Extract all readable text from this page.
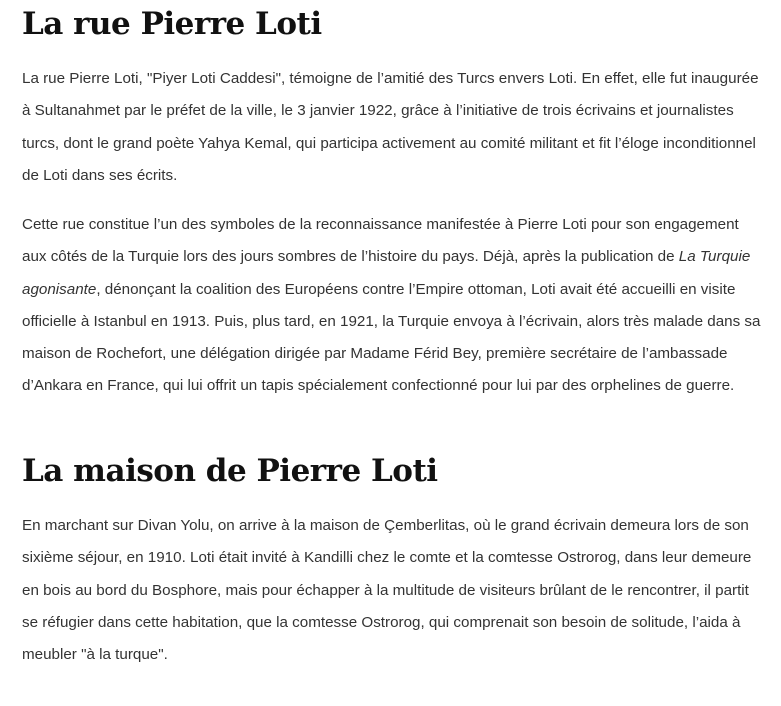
La rue Pierre Loti

La rue Pierre Loti, "Piyer Loti Caddesi", témoigne de l’amitié des Turcs envers Loti. En effet, elle fut inaugurée à Sultanahmet par le préfet de la ville, le 3 janvier 1922, grâce à l’initiative de trois écrivains et journalistes turcs, dont le grand poète Yahya Kemal, qui participa activement au comité militant et fit l’éloge inconditionnel de Loti dans ses écrits.

Cette rue constitue l’un des symboles de la reconnaissance manifestée à Pierre Loti pour son engagement aux côtés de la Turquie lors des jours sombres de l’histoire du pays. Déjà, après la publication de La Turquie agonisante, dénonçant la coalition des Européens contre l’Empire ottoman, Loti avait été accueilli en visite officielle à Istanbul en 1913. Puis, plus tard, en 1921, la Turquie envoya à l’écrivain, alors très malade dans sa maison de Rochefort, une délégation dirigée par Madame Férid Bey, première secrétaire de l’ambassade d’Ankara en France, qui lui offrit un tapis spécialement confectionné pour lui par des orphelines de guerre.

La maison de Pierre Loti

En marchant sur Divan Yolu, on arrive à la maison de Çemberlitas, où le grand écrivain demeura lors de son sixième séjour, en 1910. Loti était invité à Kandilli chez le comte et la comtesse Ostrorog, dans leur demeure en bois au bord du Bosphore, mais pour échapper à la multitude de visiteurs brûlant de le rencontrer, il partit se réfugier dans cette habitation, que la comtesse Ostrorog, qui comprenait son besoin de solitude, l’aida à meubler "à la turque".
